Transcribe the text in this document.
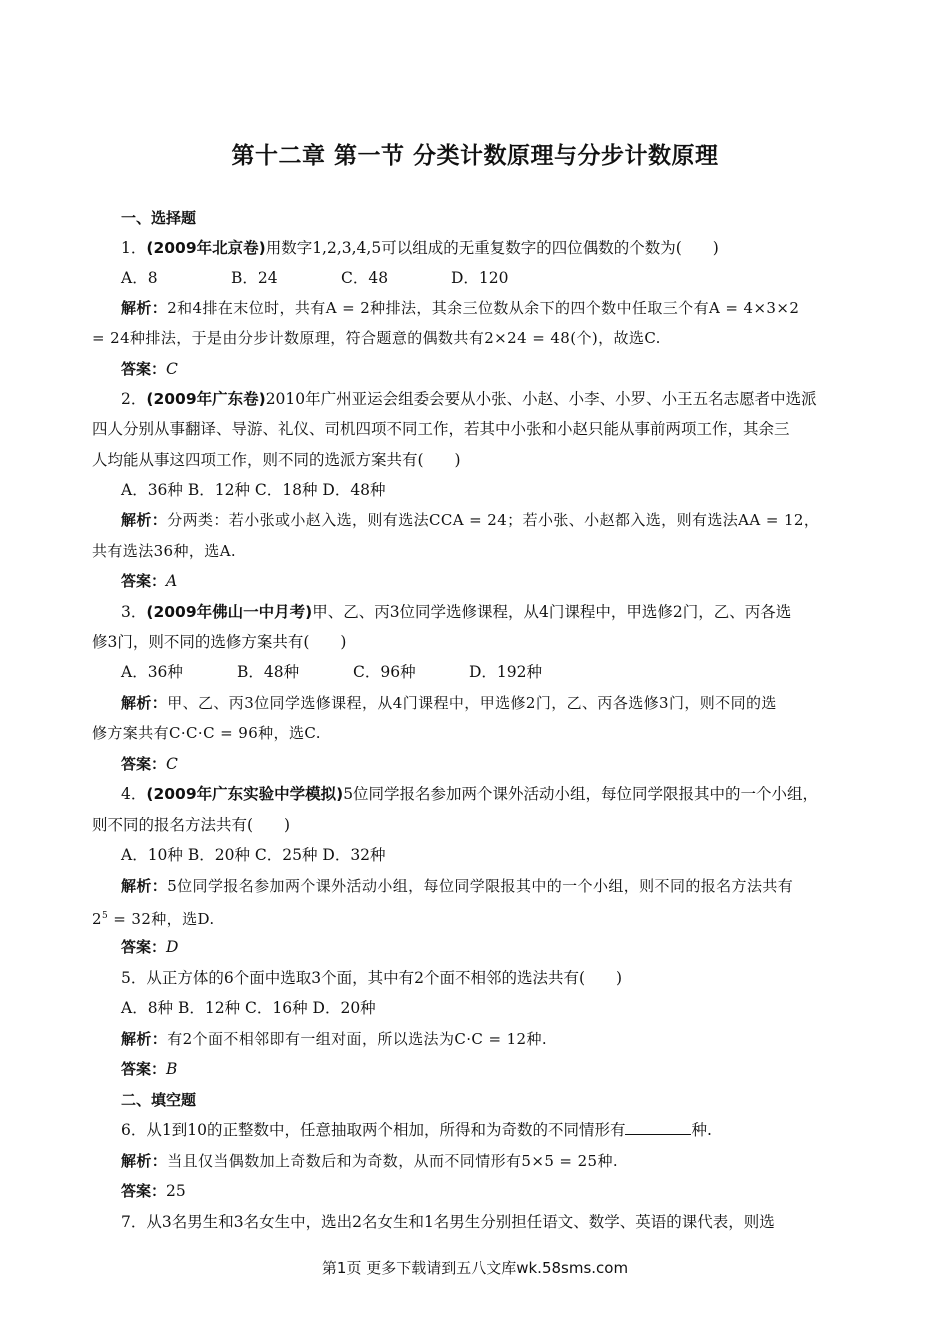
第十二章 第一节 分类计数原理与分步计数原理
一、选择题
1．(2009年北京卷)用数字1,2,3,4,5可以组成的无重复数字的四位偶数的个数为(　　)
A．8	B．24	C．48	D．120
解析：2和4排在末位时，共有A = 2种排法，其余三位数从余下的四个数中任取三个有A = 4×3×2
= 24种排法，于是由分步计数原理，符合题意的偶数共有2×24 = 48(个)，故选C.
答案：C
2．(2009年广东卷)2010年广州亚运会组委会要从小张、小赵、小李、小罗、小王五名志愿者中选派
四人分别从事翻译、导游、礼仪、司机四项不同工作，若其中小张和小赵只能从事前两项工作，其余三
人均能从事这四项工作，则不同的选派方案共有(　　)
A．36种 B．12种 C．18种 D．48种
解析：分两类：若小张或小赵入选，则有选法CCA = 24；若小张、小赵都入选，则有选法AA = 12，
共有选法36种，选A.
答案：A
3．(2009年佛山一中月考)甲、乙、丙3位同学选修课程，从4门课程中，甲选修2门，乙、丙各选
修3门，则不同的选修方案共有(　　)
A．36种	B．48种	C．96种	D．192种
解析：甲、乙、丙3位同学选修课程，从4门课程中，甲选修2门，乙、丙各选修3门，则不同的选
修方案共有C·C·C = 96种，选C.
答案：C
4．(2009年广东实验中学模拟)5位同学报名参加两个课外活动小组，每位同学限报其中的一个小组，
则不同的报名方法共有(　　)
A．10种 B．20种 C．25种 D．32种
解析：5位同学报名参加两个课外活动小组，每位同学限报其中的一个小组，则不同的报名方法共有
$2^5 = 32$种，选D.
答案：D
5．从正方体的6个面中选取3个面，其中有2个面不相邻的选法共有(　　)
A．8种 B．12种 C．16种 D．20种
解析：有2个面不相邻即有一组对面，所以选法为C·C = 12种.
答案：B
二、填空题
6．从1到10的正整数中，任意抽取两个相加，所得和为奇数的不同情形有	种.
解析：当且仅当偶数加上奇数后和为奇数，从而不同情形有5×5 = 25种.
答案：25
7．从3名男生和3名女生中，选出2名女生和1名男生分别担任语文、数学、英语的课代表，则选
第1页 更多下载请到五八文库wk.58sms.com
